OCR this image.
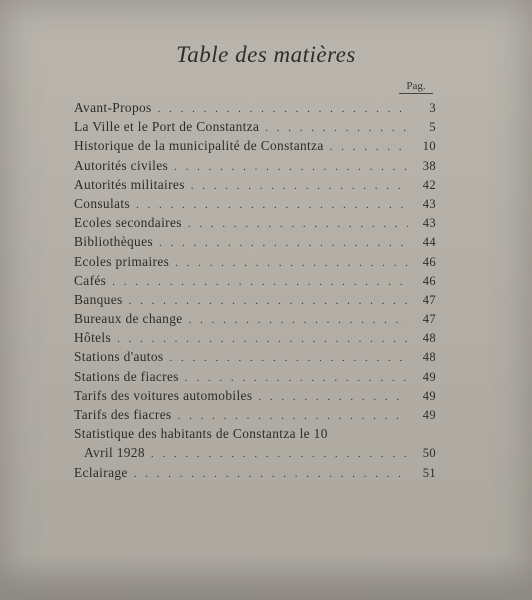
Table des matières
Pag.
Avant-Propos . . .	3
La Ville et le Port de Constantza . . .	5
Historique de la municipalité de Constantza . . .	10
Autorités civiles . . .	38
Autorités militaires . . .	42
Consulats . . .	43
Ecoles secondaires . . .	43
Bibliothèques . . .	44
Ecoles primaires . . .	46
Cafés . . .	46
Banques . . .	47
Bureaux de change . . .	47
Hôtels . . .	48
Stations d'autos . . .	48
Stations de fiacres . . .	49
Tarifs des voitures automobiles . . .	49
Tarifs des fiacres . . .	49
Statistique des habitants de Constantza le 10
Avril 1928 . . .	50
Eclairage . . .	51
